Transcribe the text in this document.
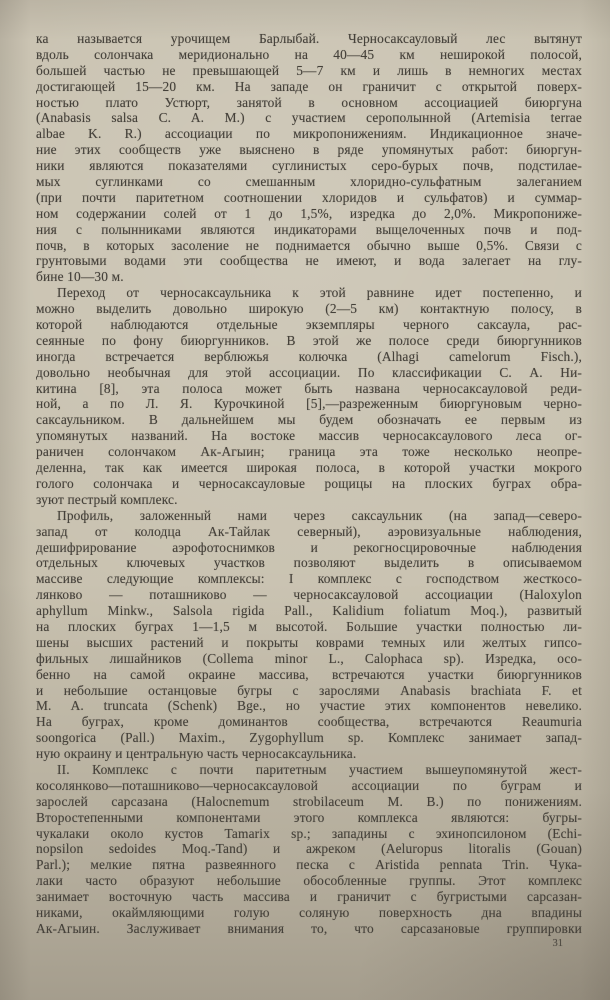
ка называется урочищем Барлыбай. Черносаксауловый лес вытянут
вдоль солончака меридионально на 40—45 км неширокой полосой,
большей частью не превышающей 5—7 км и лишь в немногих местах
достигающей 15—20 км. На западе он граничит с открытой поверх-
ностью плато Устюрт, занятой в основном ассоциацией биюргуна
(Anabasis salsa C. A. M.) с участием серополынной (Artemisia terrae
albae K. R.) ассоциации по микропонижениям. Индикационное значе-
ние этих сообществ уже выяснено в ряде упомянутых работ: биюргун-
ники являются показателями суглинистых серо-бурых почв, подстилае-
мых суглинками со смешанным хлоридно-сульфатным залеганием
(при почти паритетном соотношении хлоридов и сульфатов) и суммар-
ном содержании солей от 1 до 1,5%, изредка до 2,0%. Микропониже-
ния с полынниками являются индикаторами выщелоченных почв и под-
почв, в которых засоление не поднимается обычно выше 0,5%. Связи с
грунтовыми водами эти сообщества не имеют, и вода залегает на глу-
бине 10—30 м.

Переход от черносаксаульника к этой равнине идет постепенно, и
можно выделить довольно широкую (2—5 км) контактную полосу, в
которой наблюдаются отдельные экземпляры черного саксаула, рас-
сеянные по фону биюргунников. В этой же полосе среди биюргунников
иногда встречается верблюжья колючка (Alhagi camelorum Fisch.),
довольно необычная для этой ассоциации. По классификации С. А. Ни-
китина [8], эта полоса может быть названа черносаксауловой реди-
ной, а по Л. Я. Курочкиной [5],—разреженным биюргуновым черно-
саксаульником. В дальнейшем мы будем обозначать ее первым из
упомянутых названий. На востоке массив черносаксаулового леса ог-
раничен солончаком Ак-Агыин; граница эта тоже несколько неопре-
деленна, так как имеется широкая полоса, в которой участки мокрого
голого солончака и черносаксауловые рощицы на плоских буграх обра-
зуют пестрый комплекс.

Профиль, заложенный нами через саксаульник (на запад—северо-
запад от колодца Ак-Тайлак северный), аэровизуальные наблюдения,
дешифрирование аэрофотоснимков и рекогносцировочные наблюдения
отдельных ключевых участков позволяют выделить в описываемом
массиве следующие комплексы: I комплекс с господством жесткосо-
лянково — поташниково — черносаксауловой ассоциации (Haloxylon
aphyllum Minkw., Salsola rigida Pall., Kalidium foliatum Moq.), развитый
на плоских буграх 1—1,5 м высотой. Большие участки полностью ли-
шены высших растений и покрыты коврами темных или желтых гипсо-
фильных лишайников (Collema minor L., Calophaca sp). Изредка, осо-
бенно на самой окраине массива, встречаются участки биюргунников
и небольшие останцовые бугры с зарослями Anabasis brachiata F. et
M. A. truncata (Schenk) Bge., но участие этих компонентов невелико.
На буграх, кроме доминантов сообщества, встречаются Reaumuria
soongorica (Pall.) Maxim., Zygophyllum sp. Комплекс занимает запад-
ную окраину и центральную часть черносаксаульника.

II. Комплекс с почти паритетным участием вышеупомянутой жест-
косолянково—поташниково—черносаксауловой ассоциации по буграм и
зарослей сарсазана (Halocnemum strobilaceum M. B.) по понижениям.
Второстепенными компонентами этого комплекса являются: бугры-
чукалаки около кустов Tamarix sp.; западины с эхинопсилоном (Echi-
nopsilon sedoides Moq.-Tand) и ажреком (Aeluropus litoralis (Gouan)
Parl.); мелкие пятна развеянного песка с Aristida pennata Trin. Чука-
лаки часто образуют небольшие обособленные группы. Этот комплекс
занимает восточную часть массива и граничит с бугристыми сарсазан-
никами, окаймляющими голую соляную поверхность дна впадины
Ак-Агыин. Заслуживает внимания то, что сарсазановые группировки

31
